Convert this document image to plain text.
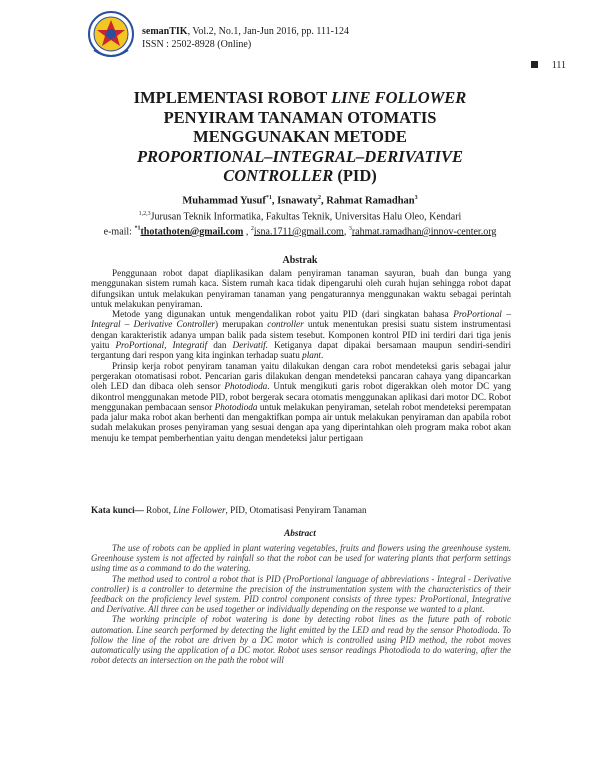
semanTIK, Vol.2, No.1, Jan-Jun 2016, pp. 111-124
ISSN : 2502-8928 (Online)
111
IMPLEMENTASI ROBOT LINE FOLLOWER
PENYIRAM TANAMAN OTOMATIS
MENGGUNAKAN METODE
PROPORTIONAL–INTEGRAL–DERIVATIVE
CONTROLLER (PID)
Muhammad Yusuf$^{*1}$, Isnawaty$^2$, Rahmat Ramadhan$^3$
$^{1,2,3}$Jurusan Teknik Informatika, Fakultas Teknik, Universitas Halu Oleo, Kendari
e-mail: $^{*1}$thotathoten@gmail.com , $^2$isna.1711@gmail.com, $^3$rahmat.ramadhan@innov-center.org
Abstrak

Penggunaan robot dapat diaplikasikan dalam penyiraman tanaman sayuran, buah dan bunga yang menggunakan sistem rumah kaca. Sistem rumah kaca tidak dipengaruhi oleh curah hujan sehingga robot dapat difungsikan untuk melakukan penyiraman tanaman yang pengaturannya menggunakan waktu sebagai perintah untuk melakukan penyiraman.

Metode yang digunakan untuk mengendalikan robot yaitu PID (dari singkatan bahasa ProPortional – Integral – Derivative Controller) merupakan controller untuk menentukan presisi suatu sistem instrumentasi dengan karakteristik adanya umpan balik pada sistem tesebut. Komponen kontrol PID ini terdiri dari tiga jenis yaitu ProPortional, Integratif dan Derivatif. Ketiganya dapat dipakai bersamaan maupun sendiri-sendiri tergantung dari respon yang kita inginkan terhadap suatu plant.

Prinsip kerja robot penyiram tanaman yaitu dilakukan dengan cara robot mendeteksi garis sebagai jalur pergerakan otomatisasi robot. Pencarian garis dilakukan dengan mendeteksi pancaran cahaya yang dipancarkan oleh LED dan dibaca oleh sensor Photodioda. Untuk mengikuti garis robot digerakkan oleh motor DC yang dikontrol menggunakan metode PID, robot bergerak secara otomatis menggunakan aplikasi dari motor DC. Robot menggunakan pembacaan sensor Photodioda untuk melakukan penyiraman, setelah robot mendeteksi perempatan pada jalur maka robot akan berhenti dan mengaktifkan pompa air untuk melakukan penyiraman dan apabila robot sudah melakukan proses penyiraman yang sesuai dengan apa yang diperintahkan oleh program maka robot akan menuju ke tempat pemberhentian yaitu dengan mendeteksi jalur pertigaan

Kata kunci— Robot, Line Follower, PID, Otomatisasi Penyiram Tanaman
Abstract

The use of robots can be applied in plant watering vegetables, fruits and flowers using the greenhouse system. Greenhouse system is not affected by rainfall so that the robot can be used for watering plants that perform settings using time as a command to do the watering.

The method used to control a robot that is PID (ProPortional language of abbreviations - Integral - Derivative controller) is a controller to determine the precision of the instrumentation system with the characteristics of their feedback on the proficiency level system. PID control component consists of three types: ProPortional, Integrative and Derivative. All three can be used together or individually depending on the response we wanted to a plant.

The working principle of robot watering is done by detecting robot lines as the future path of robotic automation. Line search performed by detecting the light emitted by the LED and read by the sensor Photodioda. To follow the line of the robot are driven by a DC motor which is controlled using PID method, the robot moves automatically using the application of a DC motor. Robot uses sensor readings Photodioda to do watering, after the robot detects an intersection on the path the robot will
